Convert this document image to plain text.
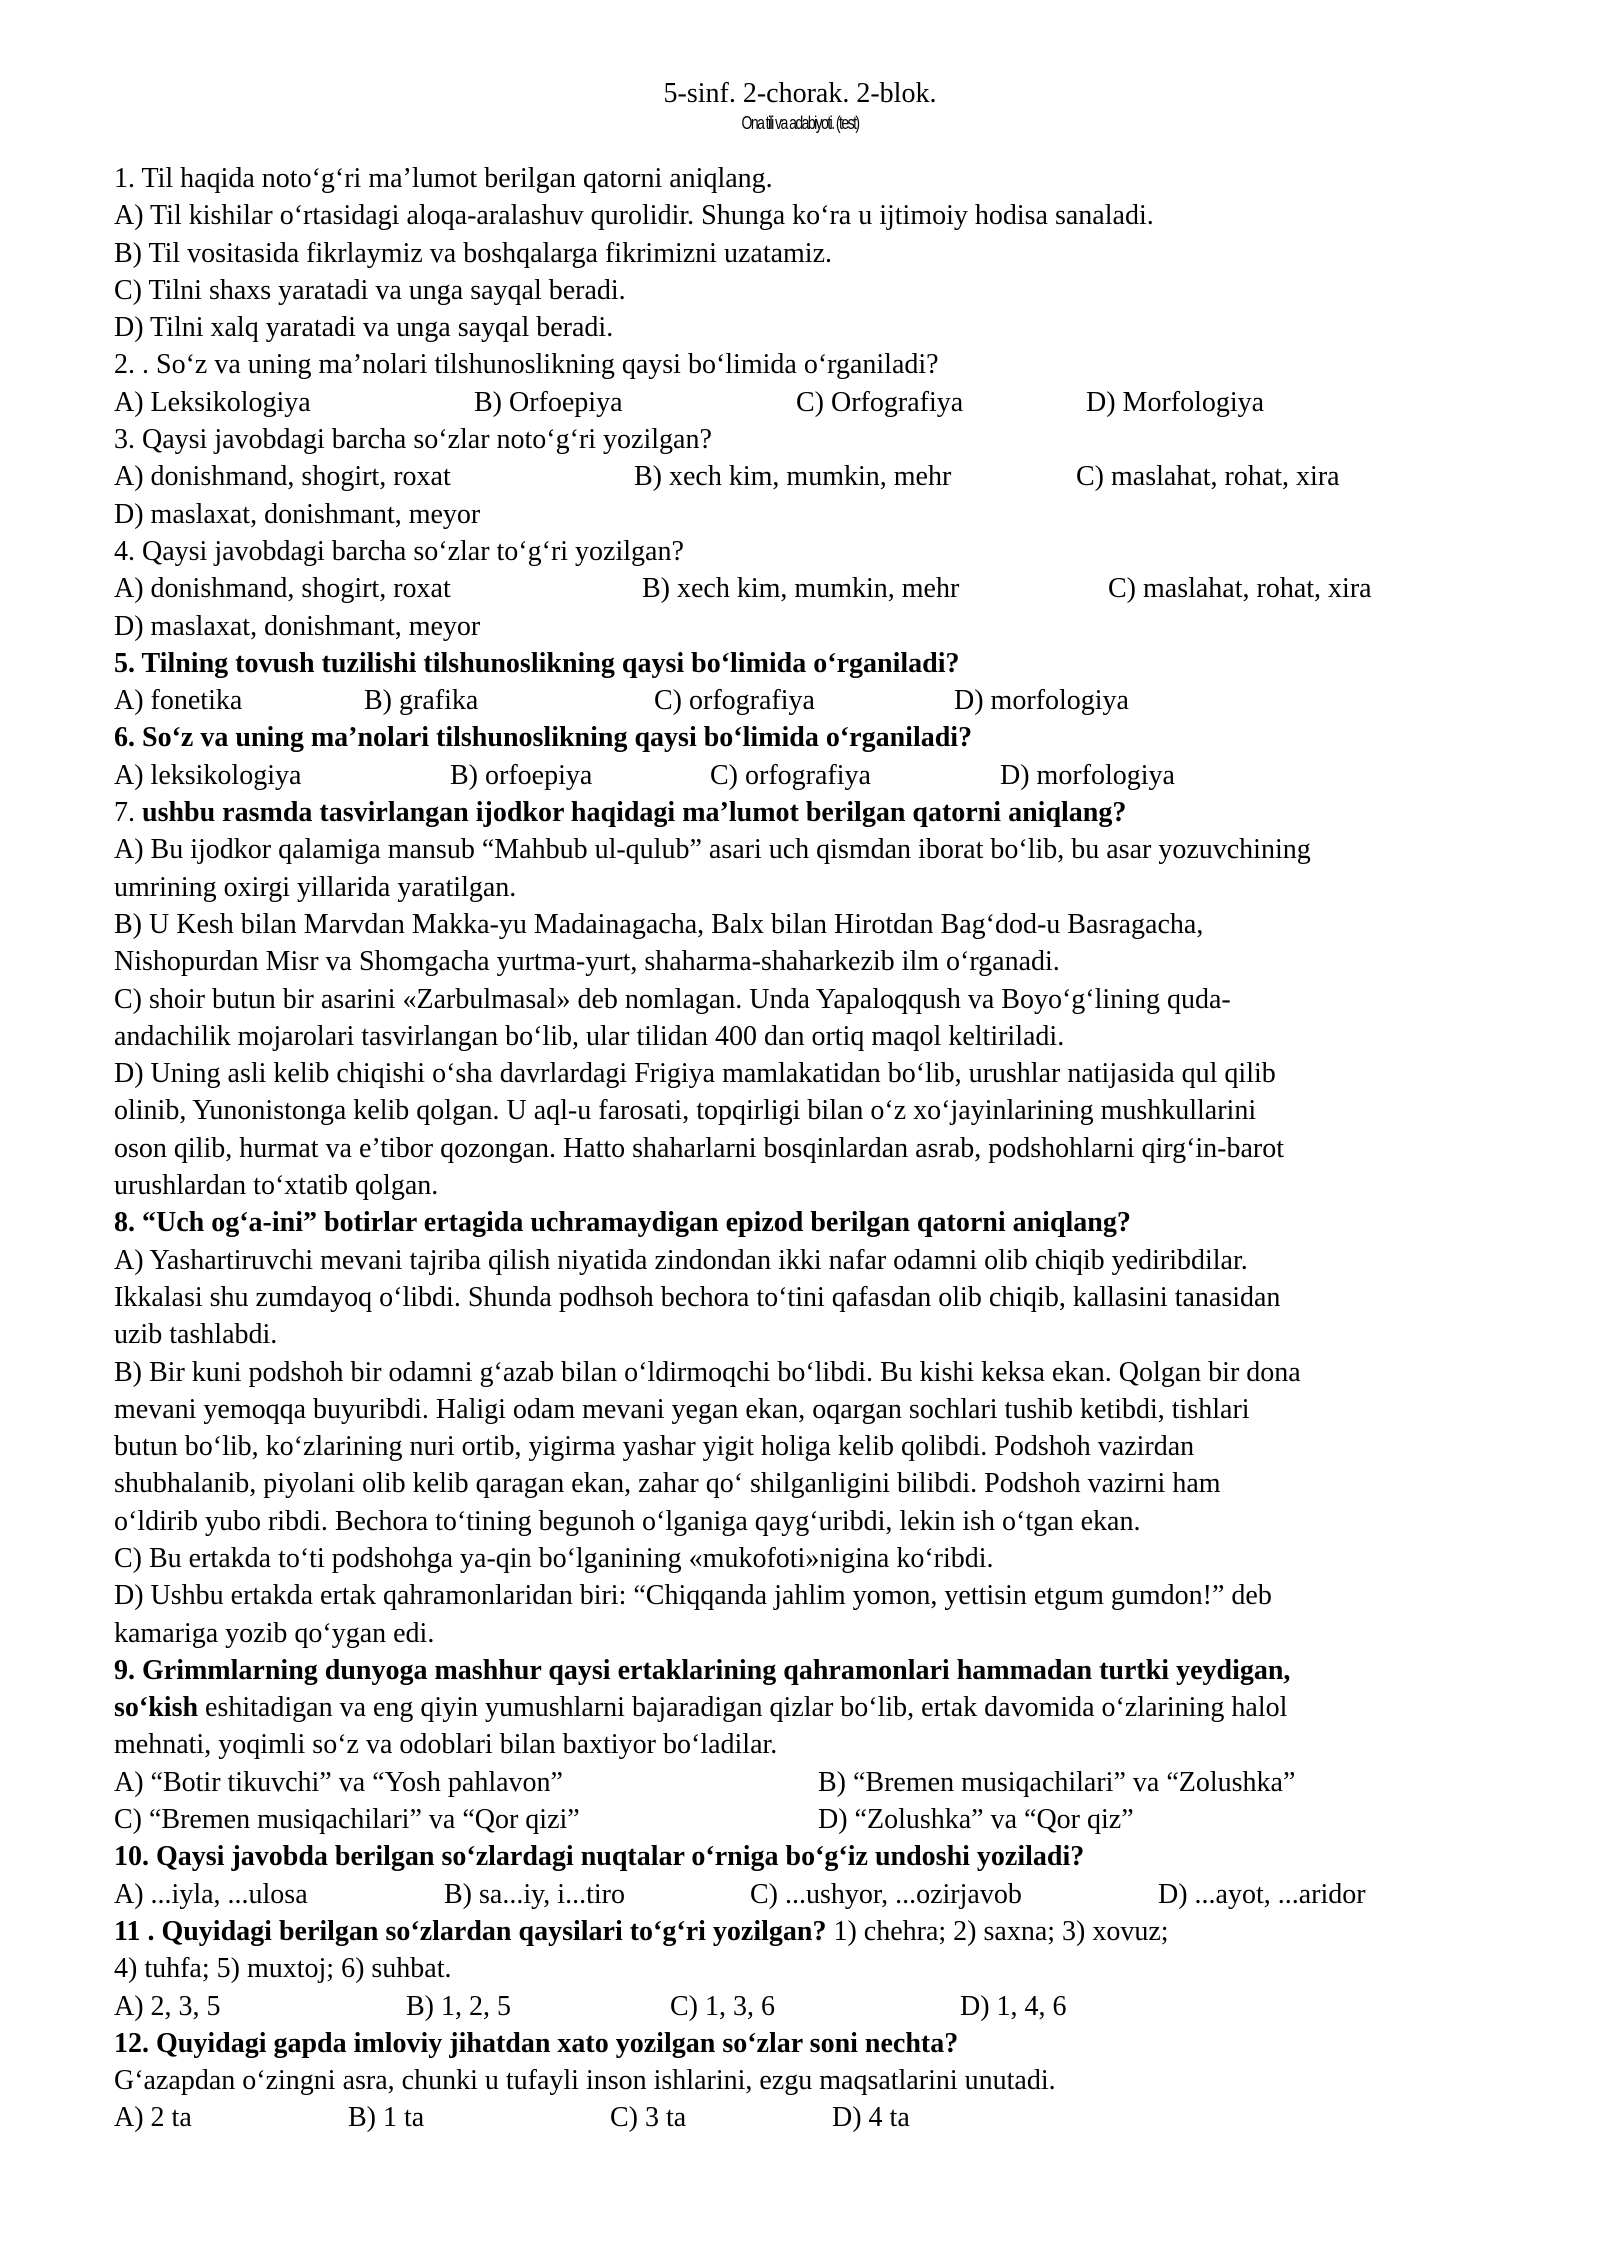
5-sinf. 2-chorak. 2-blok.
Ona tili va adabiyoti. (test)
1. Til haqida noto‘g‘ri ma’lumot berilgan qatorni aniqlang.
A) Til kishilar o‘rtasidagi aloqa-aralashuv qurolidir. Shunga ko‘ra u ijtimoiy hodisa sanaladi.
B) Til vositasida fikrlaymiz va boshqalarga fikrimizni uzatamiz.
C) Tilni shaxs yaratadi va unga sayqal beradi.
D) Tilni xalq yaratadi va unga sayqal beradi.
2. . So‘z va uning ma’nolari tilshunoslikning qaysi bo‘limida o‘rganiladi?
A) Leksikologiya	B) Orfoepiya	C) Orfografiya	D) Morfologiya
3. Qaysi javobdagi barcha so‘zlar noto‘g‘ri yozilgan?
A) donishmand, shogirt, roxat	B) xech kim, mumkin, mehr	C) maslahat, rohat, xira
D) maslaxat, donishmant, meyor
4. Qaysi javobdagi barcha so‘zlar to‘g‘ri yozilgan?
A) donishmand, shogirt, roxat	B) xech kim, mumkin, mehr	C) maslahat, rohat, xira
D) maslaxat, donishmant, meyor
5. Tilning tovush tuzilishi tilshunoslikning qaysi bo‘limida o‘rganiladi?
A) fonetika	B) grafika	C) orfografiya	D) morfologiya
6. So‘z va uning ma’nolari tilshunoslikning qaysi bo‘limida o‘rganiladi?
A) leksikologiya	B) orfoepiya	C) orfografiya	D) morfologiya
7. ushbu rasmda tasvirlangan ijodkor haqidagi ma’lumot berilgan qatorni aniqlang?
A) Bu ijodkor qalamiga mansub “Mahbub ul-qulub” asari uch qismdan iborat bo‘lib, bu asar yozuvchining
umrining oxirgi yillarida yaratilgan.
B) U Kesh bilan Marvdan Makka-yu Madainagacha, Balx bilan Hirotdan Bag‘dod-u Basragacha,
Nishopurdan Misr va Shomgacha yurtma-yurt, shaharma-shaharkezib ilm o‘rganadi.
C) shoir butun bir asarini «Zarbulmasal» deb nomlagan. Unda Yapaloqqush va Boyo‘g‘lining quda-
andachilik mojarolari tasvirlangan bo‘lib, ular tilidan 400 dan ortiq maqol keltiriladi.
D) Uning asli kelib chiqishi o‘sha davrlardagi Frigiya mamlakatidan bo‘lib, urushlar natijasida qul qilib
olinib, Yunonistonga kelib qolgan. U aql-u farosati, topqirligi bilan o‘z xo‘jayinlarining mushkullarini
oson qilib, hurmat va e’tibor qozongan. Hatto shaharlarni bosqinlardan asrab, podshohlarni qirg‘in-barot
urushlardan to‘xtatib qolgan.
8. “Uch og‘a-ini” botirlar ertagida uchramaydigan epizod berilgan qatorni aniqlang?
A) Yashartiruvchi mevani tajriba qilish niyatida zindondan ikki nafar odamni olib chiqib yediribdilar.
Ikkalasi shu zumdayoq o‘libdi. Shunda podhsoh bechora to‘tini qafasdan olib chiqib, kallasini tanasidan
uzib tashlabdi.
B) Bir kuni podshoh bir odamni g‘azab bilan o‘ldirmoqchi bo‘libdi. Bu kishi keksa ekan. Qolgan bir dona
mevani yemoqqa buyuribdi. Haligi odam mevani yegan ekan, oqargan sochlari tushib ketibdi, tishlari
butun bo‘lib, ko‘zlarining nuri ortib, yigirma yashar yigit holiga kelib qolibdi. Podshoh vazirdan
shubhalanib, piyolani olib kelib qaragan ekan, zahar qo‘ shilganligini bilibdi. Podshoh vazirni ham
o‘ldirib yubo ribdi. Bechora to‘tining begunoh o‘lganiga qayg‘uribdi, lekin ish o‘tgan ekan.
C) Bu ertakda to‘ti podshohga ya-qin bo‘lganining «mukofoti»nigina ko‘ribdi.
D) Ushbu ertakda ertak qahramonlaridan biri: “Chiqqanda jahlim yomon, yettisin etgum gumdon!” deb
kamariga yozib qo‘ygan edi.
9. Grimmlarning dunyoga mashhur qaysi ertaklarining qahramonlari hammadan turtki yeydigan,
so‘kish eshitadigan va eng qiyin yumushlarni bajaradigan qizlar bo‘lib, ertak davomida o‘zlarining halol
mehnati, yoqimli so‘z va odoblari bilan baxtiyor bo‘ladilar.
A) “Botir tikuvchi” va “Yosh pahlavon”	B) “Bremen musiqachilari” va “Zolushka”
C) “Bremen musiqachilari” va “Qor qizi”	D) “Zolushka” va “Qor qiz”
10. Qaysi javobda berilgan so‘zlardagi nuqtalar o‘rniga bo‘g‘iz undoshi yoziladi?
A) ...iyla, ...ulosa	B) sa...iy, i...tiro	C) ...ushyor, ...ozirjavob	D) ...ayot, ...aridor
11 . Quyidagi berilgan so‘zlardan qaysilari to‘g‘ri yozilgan? 1) chehra; 2) saxna; 3) xovuz;
4) tuhfa; 5) muxtoj; 6) suhbat.
A) 2, 3, 5	B) 1, 2, 5	C) 1, 3, 6	D) 1, 4, 6
12. Quyidagi gapda imloviy jihatdan xato yozilgan so‘zlar soni nechta?
G‘azapdan o‘zingni asra, chunki u tufayli inson ishlarini, ezgu maqsatlarini unutadi.
A) 2 ta	B) 1 ta	C) 3 ta	D) 4 ta
